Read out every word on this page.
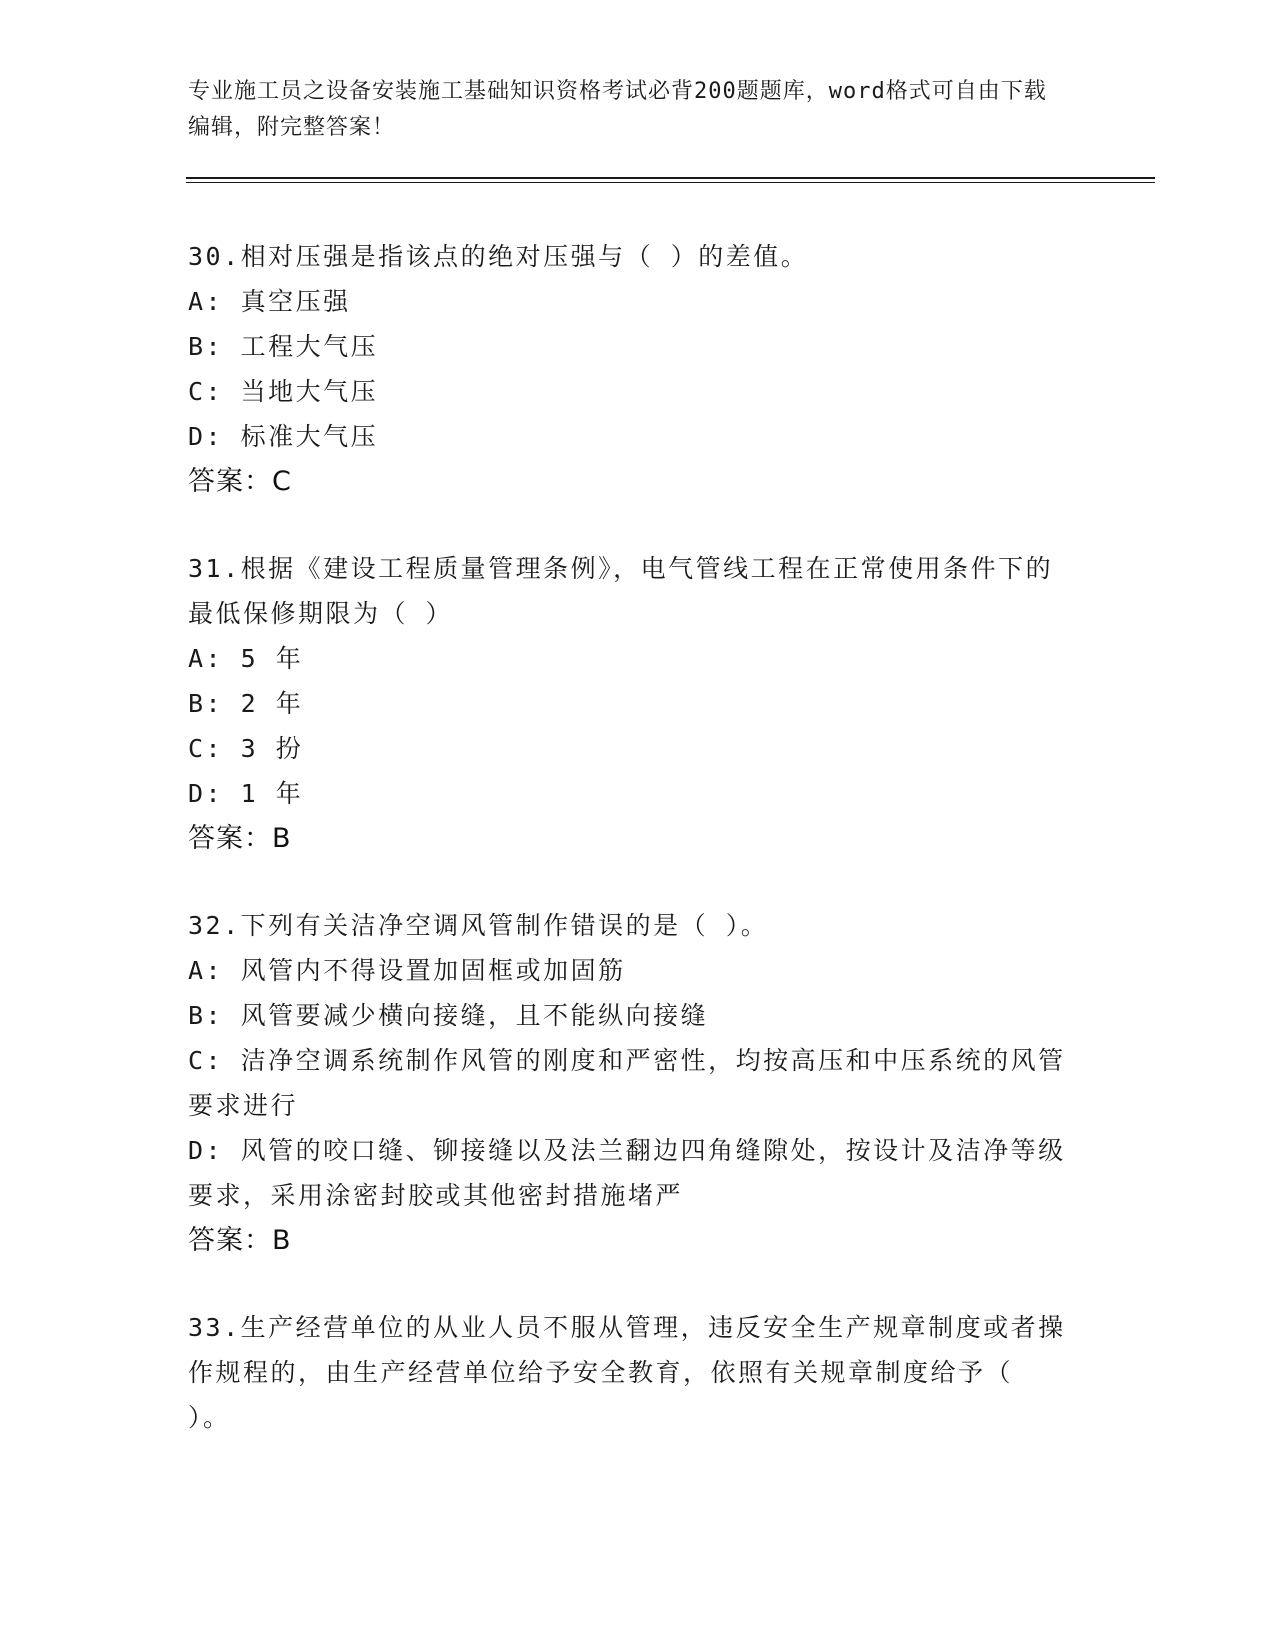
专业施工员之设备安装施工基础知识资格考试必背200题题库，word格式可自由下载编辑，附完整答案！
30.相对压强是指该点的绝对压强与（ ）的差值。
A: 真空压强
B: 工程大气压
C: 当地大气压
D: 标准大气压
答案：C
31.根据《建设工程质量管理条例》，电气管线工程在正常使用条件下的最低保修期限为（ ）
A: 5 年
B: 2 年
C: 3 扮
D: 1 年
答案：B
32.下列有关洁净空调风管制作错误的是（ ）。
A: 风管内不得设置加固框或加固筋
B: 风管要减少横向接缝，且不能纵向接缝
C: 洁净空调系统制作风管的刚度和严密性，均按高压和中压系统的风管要求进行
D: 风管的咬口缝、铆接缝以及法兰翻边四角缝隙处，按设计及洁净等级要求，采用涂密封胶或其他密封措施堵严
答案：B
33.生产经营单位的从业人员不服从管理，违反安全生产规章制度或者操作规程的，由生产经营单位给予安全教育，依照有关规章制度给予（ ）。
